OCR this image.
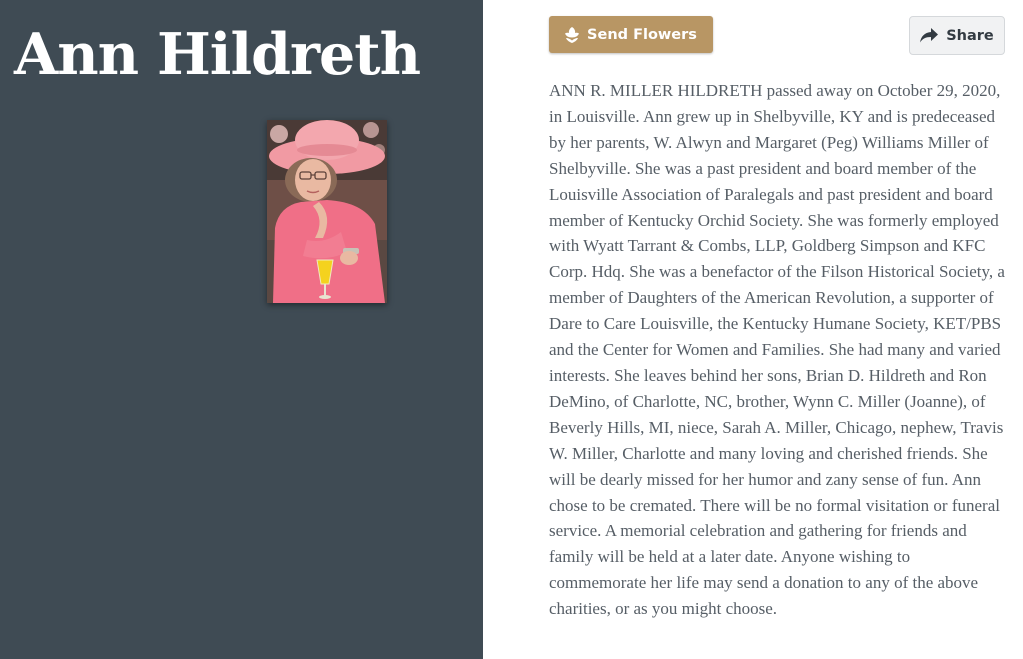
Ann Hildreth	Send Flowers	Share

ANN R. MILLER HILDRETH passed away on October 29, 2020, in Louisville. Ann grew up in Shelbyville, KY and is predeceased by her parents, W. Alwyn and Margaret (Peg) Williams Miller of Shelbyville. She was a past president and board member of the Louisville Association of Paralegals and past president and board member of Kentucky Orchid Society. She was formerly employed with Wyatt Tarrant & Combs, LLP, Goldberg Simpson and KFC Corp. Hdq. She was a benefactor of the Filson Historical Society, a member of Daughters of the American Revolution, a supporter of Dare to Care Louisville, the Kentucky Humane Society, KET/PBS and the Center for Women and Families. She had many and varied interests. She leaves behind her sons, Brian D. Hildreth and Ron DeMino, of Charlotte, NC, brother, Wynn C. Miller (Joanne), of Beverly Hills, MI, niece, Sarah A. Miller, Chicago, nephew, Travis W. Miller, Charlotte and many loving and cherished friends. She will be dearly missed for her humor and zany sense of fun. Ann chose to be cremated. There will be no formal visitation or funeral service. A memorial celebration and gathering for friends and family will be held at a later date. Anyone wishing to commemorate her life may send a donation to any of the above charities, or as you might choose.
